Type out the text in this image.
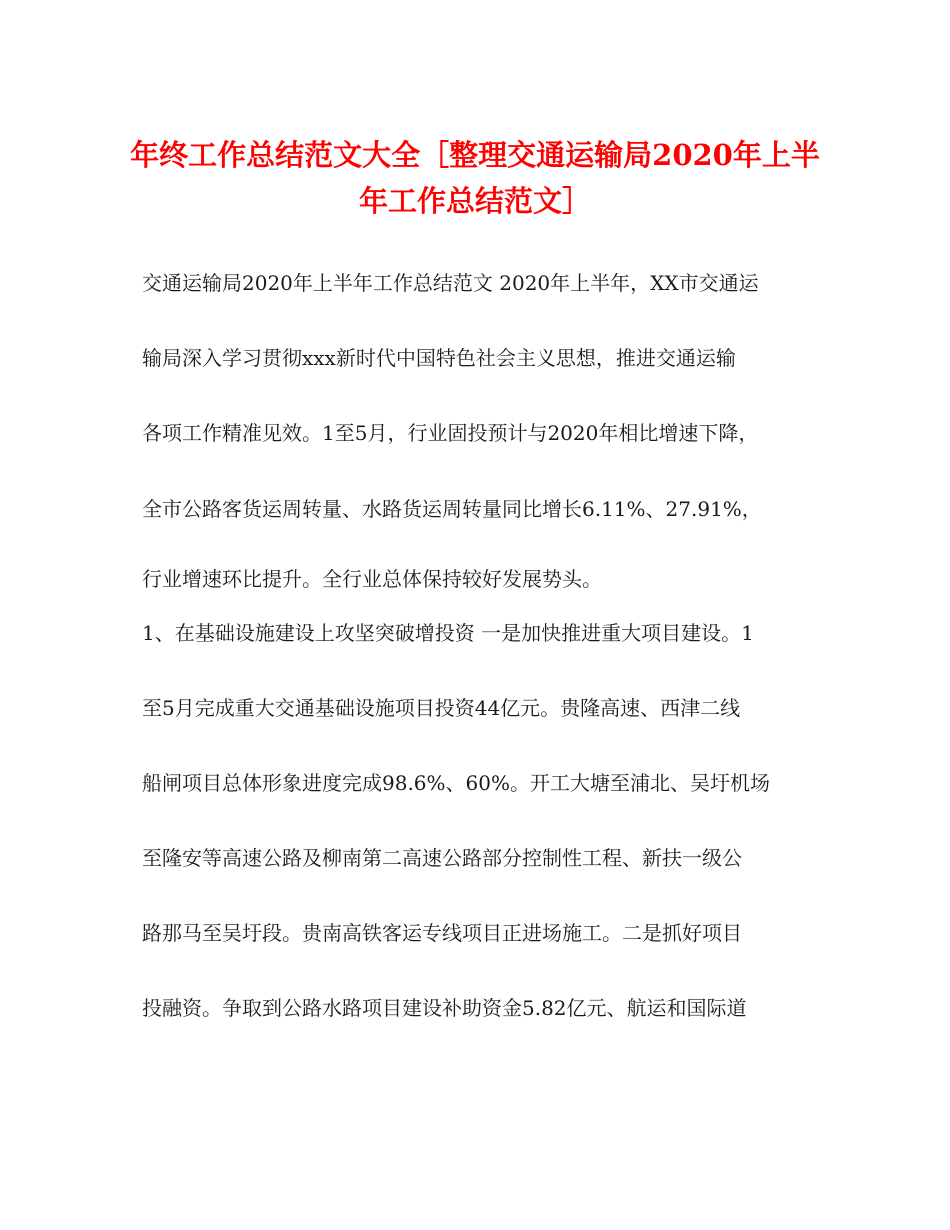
年终工作总结范文大全［整理交通运输局2020年上半
年工作总结范文］
交通运输局2020年上半年工作总结范文 2020年上半年，XX市交通运
输局深入学习贯彻xxx新时代中国特色社会主义思想，推进交通运输
各项工作精准见效。1至5月，行业固投预计与2020年相比增速下降，
全市公路客货运周转量、水路货运周转量同比增长6.11%、27.91%，
行业增速环比提升。全行业总体保持较好发展势头。
1、在基础设施建设上攻坚突破增投资 一是加快推进重大项目建设。1
至5月完成重大交通基础设施项目投资44亿元。贵隆高速、西津二线
船闸项目总体形象进度完成98.6%、60%。开工大塘至浦北、吴圩机场
至隆安等高速公路及柳南第二高速公路部分控制性工程、新扶一级公
路那马至吴圩段。贵南高铁客运专线项目正进场施工。二是抓好项目
投融资。争取到公路水路项目建设补助资金5.82亿元、航运和国际道
